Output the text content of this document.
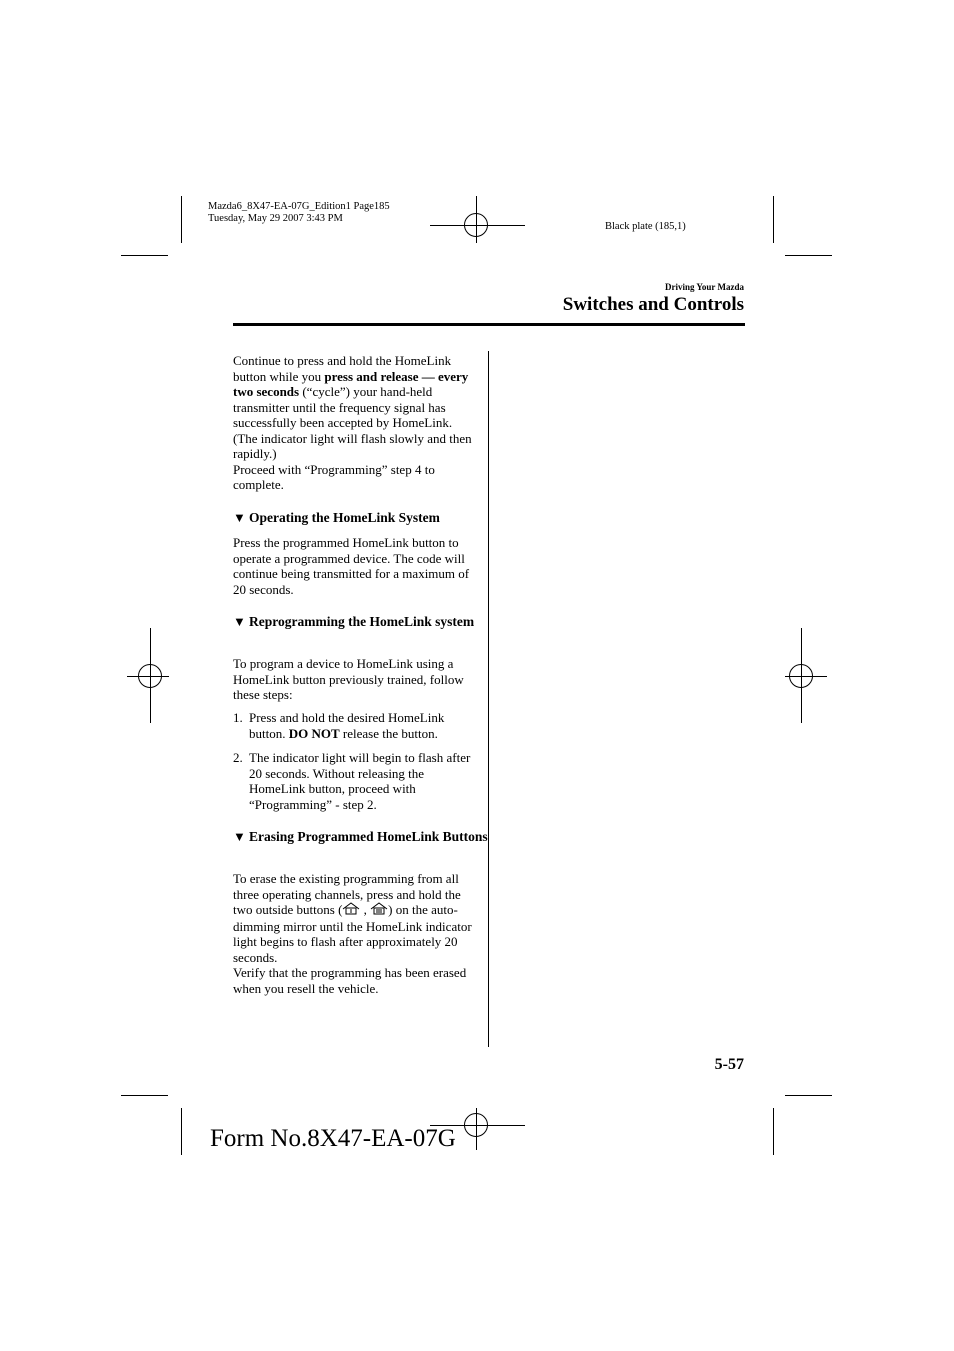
Mazda6_8X47-EA-07G_Edition1 Page185
Tuesday, May 29 2007 3:43 PM
Black plate (185,1)
Driving Your Mazda
Switches and Controls

Continue to press and hold the HomeLink button while you press and release — every two seconds (“cycle”) your hand-held transmitter until the frequency signal has successfully been accepted by HomeLink. (The indicator light will flash slowly and then rapidly.)

Proceed with “Programming” step 4 to complete.

▼ Operating the HomeLink System

Press the programmed HomeLink button to operate a programmed device. The code will continue being transmitted for a maximum of 20 seconds.

▼ Reprogramming the HomeLink system

To program a device to HomeLink using a HomeLink button previously trained, follow these steps:

1. Press and hold the desired HomeLink button. DO NOT release the button.
2. The indicator light will begin to flash after 20 seconds. Without releasing the HomeLink button, proceed with “Programming” - step 2.
▼ Erasing Programmed HomeLink Buttons

To erase the existing programming from all three operating channels, press and hold the two outside buttons ( , ) on the auto-dimming mirror until the HomeLink indicator light begins to flash after approximately 20 seconds.

Verify that the programming has been erased when you resell the vehicle.

5-57
Form No.8X47-EA-07G
